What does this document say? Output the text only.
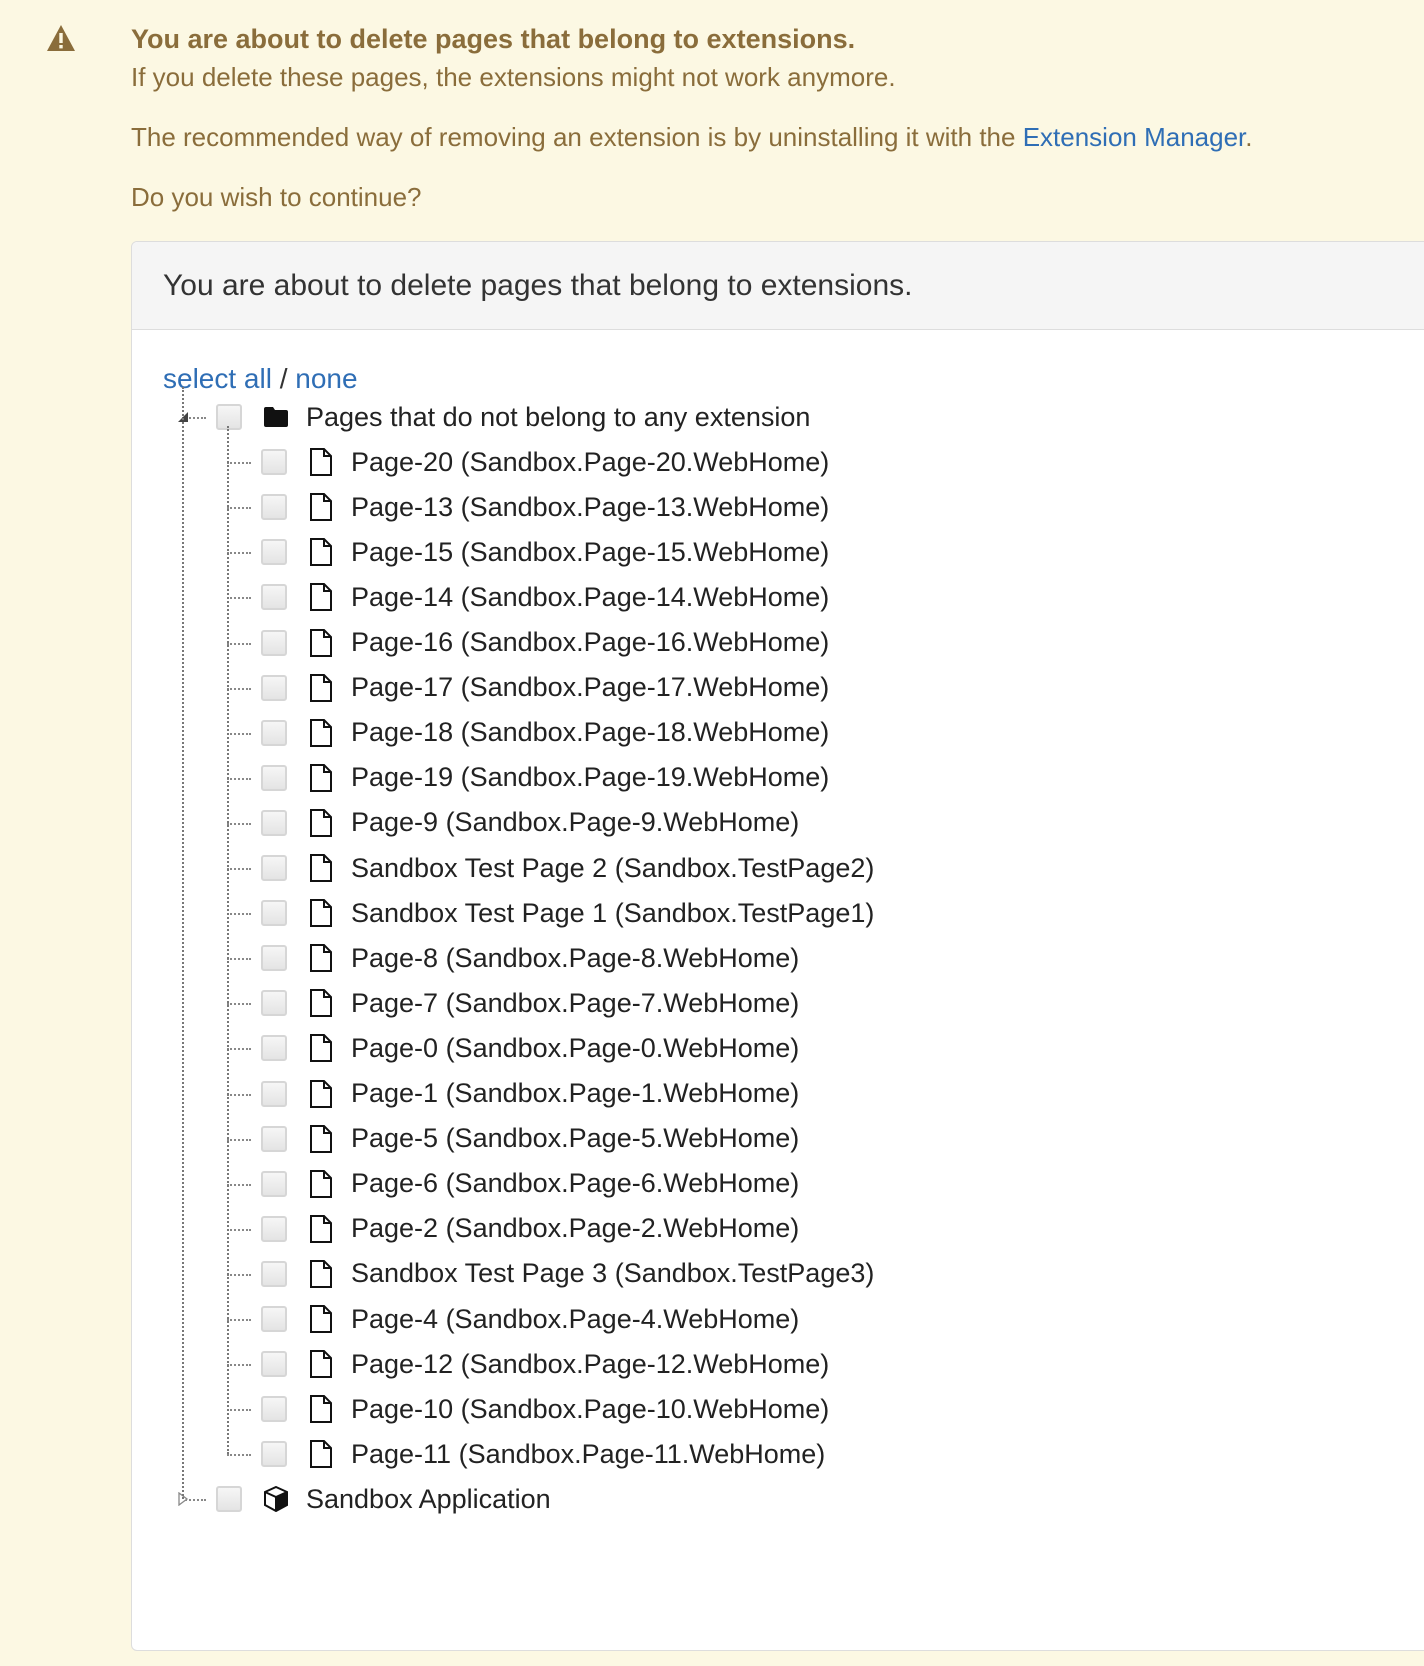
You are about to delete pages that belong to extensions.

If you delete these pages, the extensions might not work anymore.

The recommended way of removing an extension is by uninstalling it with the Extension Manager.

Do you wish to continue?

You are about to delete pages that belong to extensions.
select all / none
Pages that do not belong to any extension
Page-20 (Sandbox.Page-20.WebHome)
Page-13 (Sandbox.Page-13.WebHome)
Page-15 (Sandbox.Page-15.WebHome)
Page-14 (Sandbox.Page-14.WebHome)
Page-16 (Sandbox.Page-16.WebHome)
Page-17 (Sandbox.Page-17.WebHome)
Page-18 (Sandbox.Page-18.WebHome)
Page-19 (Sandbox.Page-19.WebHome)
Page-9 (Sandbox.Page-9.WebHome)
Sandbox Test Page 2 (Sandbox.TestPage2)
Sandbox Test Page 1 (Sandbox.TestPage1)
Page-8 (Sandbox.Page-8.WebHome)
Page-7 (Sandbox.Page-7.WebHome)
Page-0 (Sandbox.Page-0.WebHome)
Page-1 (Sandbox.Page-1.WebHome)
Page-5 (Sandbox.Page-5.WebHome)
Page-6 (Sandbox.Page-6.WebHome)
Page-2 (Sandbox.Page-2.WebHome)
Sandbox Test Page 3 (Sandbox.TestPage3)
Page-4 (Sandbox.Page-4.WebHome)
Page-12 (Sandbox.Page-12.WebHome)
Page-10 (Sandbox.Page-10.WebHome)
Page-11 (Sandbox.Page-11.WebHome)
Sandbox Application
